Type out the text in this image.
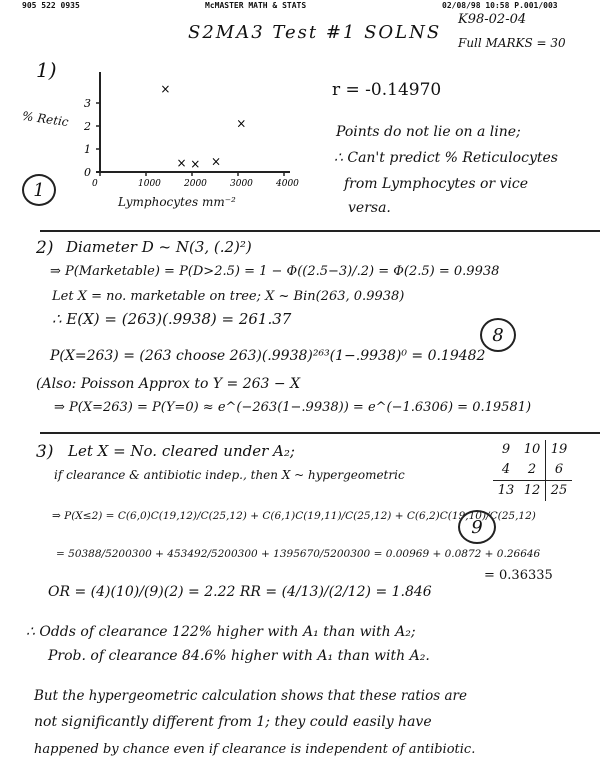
905 522 0935	McMASTER MATH & STATS	02/08/98 10:58 P.001/003
K98-02-04
S2MA3 Test #1 SOLNS Full MARKS = 30
1)
% Retic
0
1
2
3
0	1000	2000	3000	4000
×
× × ×
×
Lymphocytes mm⁻²
r = -0.14970
Points do not lie on a line;
∴ Can't predict % Reticulocytes
from Lymphocytes or vice
versa.
1
2) Diameter D ~ N(3, (.2)²)
⇒ P(Marketable) = P(D>2.5) = 1 − Φ((2.5−3)/.2) = Φ(2.5) = 0.9938
Let X = no. marketable on tree; X ~ Bin(263, 0.9938)
∴ E(X) = (263)(.9938) = 261.37
8
P(X=263) = (263 choose 263)(.9938)²⁶³(1−.9938)⁰ = 0.19482
(Also: Poisson Approx to Y = 263 − X
⇒ P(X=263) = P(Y=0) ≈ e^(−263(1−.9938)) = e^(−1.6306) = 0.19581)
3) Let X = No. cleared under A₂;
if clearance & antibiotic indep., then X ~ hypergeometric
9	10 19
4	2	6
13 12 25
⇒ P(X≤2) = C(6,0)C(19,12)/C(25,12) + C(6,1)C(19,11)/C(25,12) + C(6,2)C(19,10)/C(25,12)
9
= 50388/5200300 + 453492/5200300 + 1395670/5200300 = 0.00969 + 0.0872 + 0.26646
= 0.36335
OR = (4)(10)/(9)(2) = 2.22 RR = (4/13)/(2/12) = 1.846
∴ Odds of clearance 122% higher with A₁ than with A₂;
Prob. of clearance 84.6% higher with A₁ than with A₂.
But the hypergeometric calculation shows that these ratios are
not significantly different from 1; they could easily have
happened by chance even if clearance is independent of antibiotic.
